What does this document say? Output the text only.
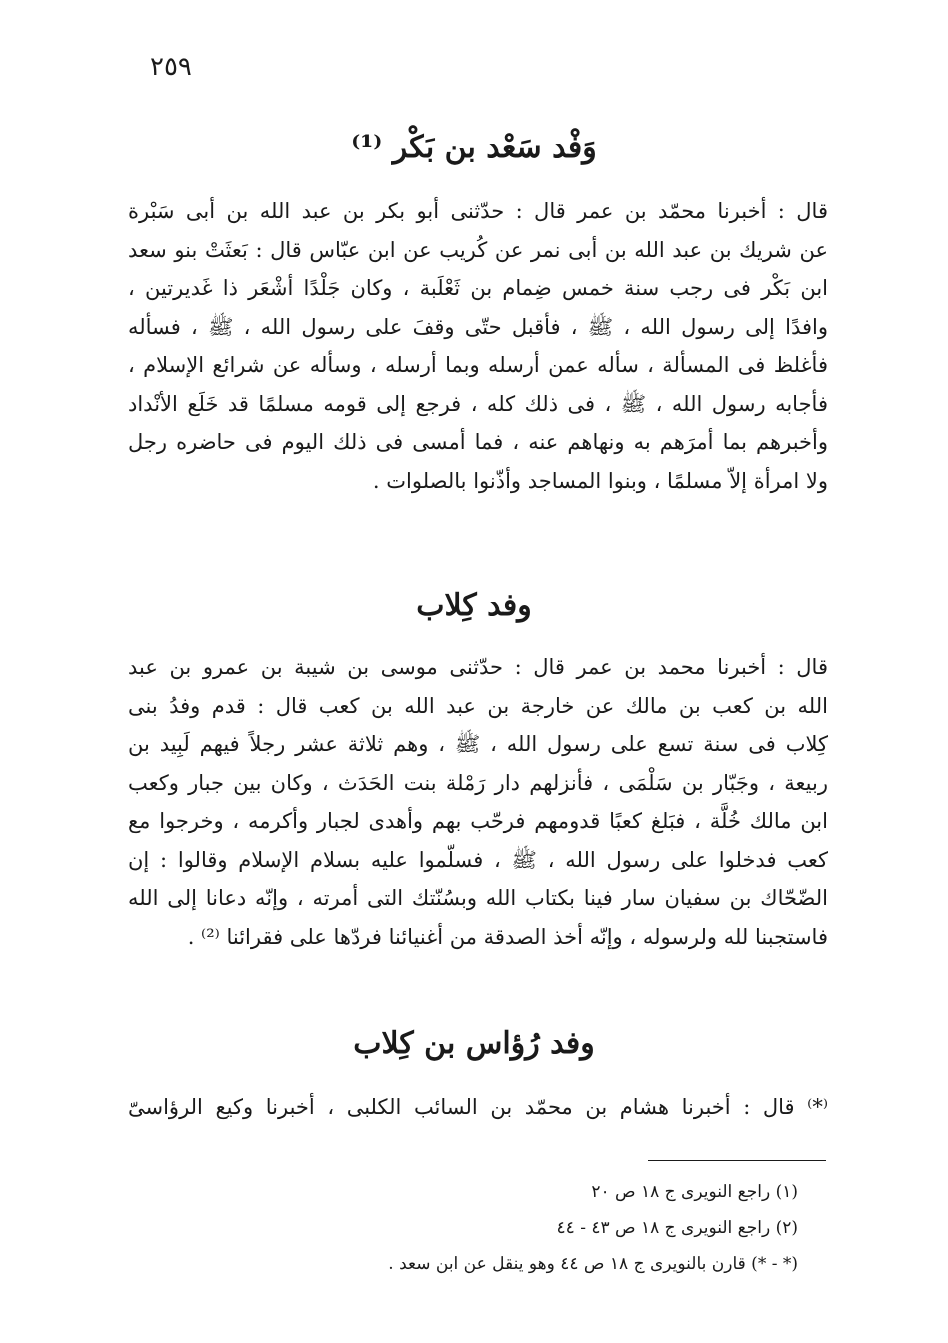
٢٥٩
وَفْد سَعْد بن بَكْر ⁽¹⁾
قال : أخبرنا محمّد بن عمر قال : حدّثنى أبو بكر بن عبد الله بن أبى سَبْرة
عن شريك بن عبد الله بن أبى نمر عن كُريب عن ابن عبّاس قال : بَعثَتْ بنو سعد
ابن بَكْر فى رجب سنة خمس ضِمام بن ثَعْلَبة ، وكان جَلْدًا أشْعَر ذا غَديرتين ،
وافدًا إلى رسول الله ، ﷺ ، فأقبل حتّى وقفَ على رسول الله ، ﷺ ، فسأله
فأغلظ فى المسألة ، سأله عمن أرسله وبما أرسله ، وسأله عن شرائع الإسلام ،
فأجابه رسول الله ، ﷺ ، فى ذلك كله ، فرجع إلى قومه مسلمًا قد خَلَع الأنْداد
وأخبرهم بما أمرَهم به ونهاهم عنه ، فما أمسى فى ذلك اليوم فى حاضره رجل
ولا امرأة إلاّ مسلمًا ، وبنوا المساجد وأذّنوا بالصلوات .
وفد كِلاب
قال : أخبرنا محمد بن عمر قال : حدّثنى موسى بن شيبة بن عمرو بن عبد
الله بن كعب بن مالك عن خارجة بن عبد الله بن كعب قال : قدم وفدُ بنى
كِلاب فى سنة تسع على رسول الله ، ﷺ ، وهم ثلاثة عشر رجلاً فيهم لَبِيد بن
ربيعة ، وجَبّار بن سَلْمَى ، فأنزلهم دار رَمْلة بنت الحَدَث ، وكان بين جبار وكعب
ابن مالك خُلَّة ، فبَلغ كعبًا قدومهم فرحّب بهم وأهدى لجبار وأكرمه ، وخرجوا مع
كعب فدخلوا على رسول الله ، ﷺ ، فسلّموا عليه بسلام الإسلام وقالوا : إن
الضّحّاك بن سفيان سار فينا بكتاب الله وبسُنّتك التى أمرته ، وإنّه دعانا إلى الله
فاستجبنا لله ولرسوله ، وإنّه أخذ الصدقة من أغنيائنا فردّها على فقرائنا ⁽²⁾ .
وفد رُؤاس بن كِلاب
⁽*⁾ قال : أخبرنا هشام بن محمّد بن السائب الكلبى ، أخبرنا وكيع الرؤاسىّ
(١) راجع النويرى ج ١٨ ص ٢٠
(٢) راجع النويرى ج ١٨ ص ٤٣ - ٤٤
(* - *) قارن بالنويرى ج ١٨ ص ٤٤ وهو ينقل عن ابن سعد .
